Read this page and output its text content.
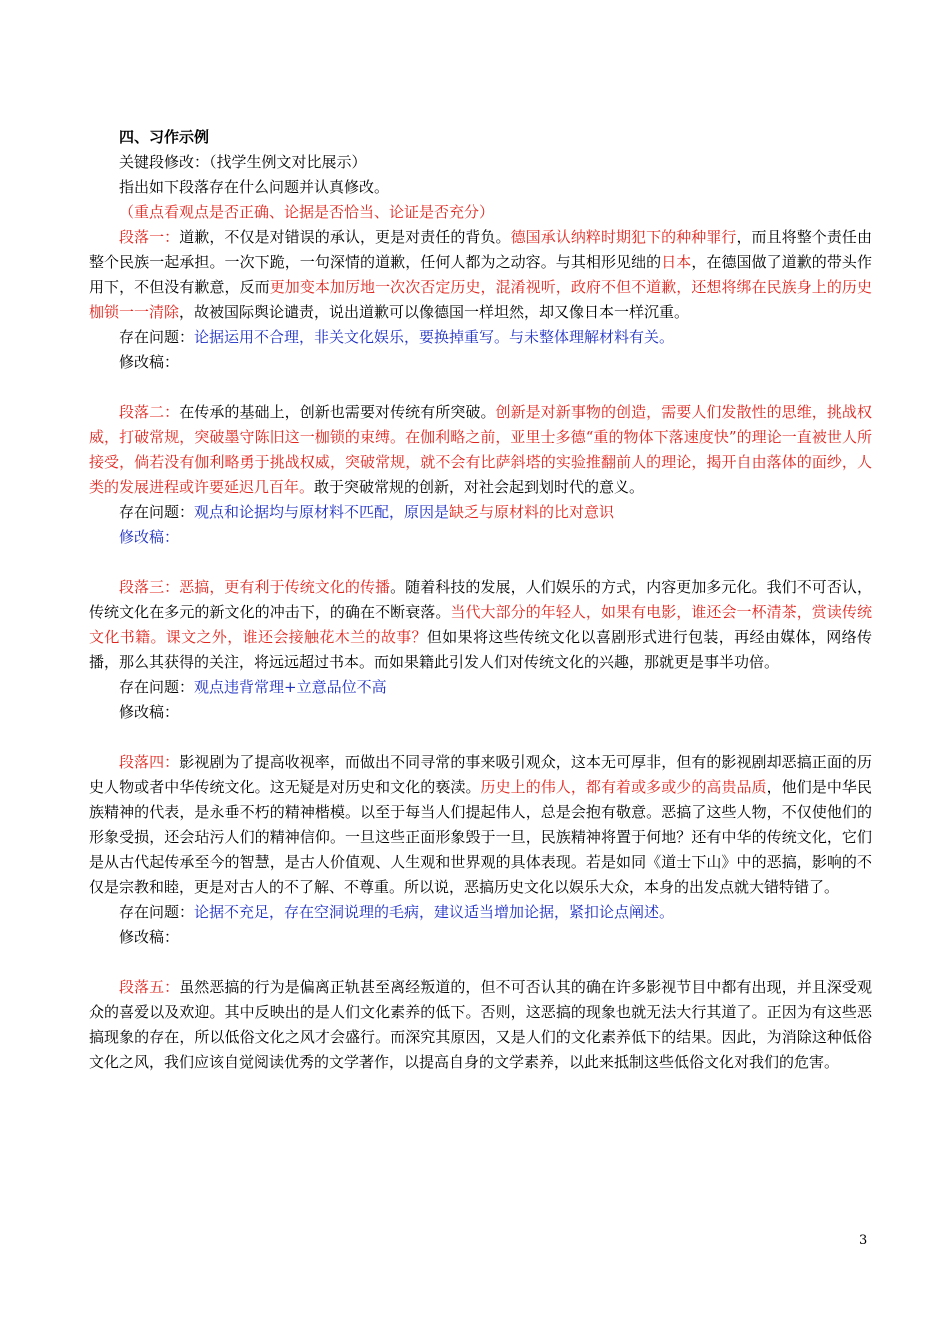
四、习作示例
关键段修改：（找学生例文对比展示）
指出如下段落存在什么问题并认真修改。
（重点看观点是否正确、论据是否恰当、论证是否充分）
段落一：道歉，不仅是对错误的承认，更是对责任的背负。德国承认纳粹时期犯下的种种罪行，而且将整个责任由整个民族一起承担。一次下跪，一句深情的道歉，任何人都为之动容。与其相形见绌的日本，在德国做了道歉的带头作用下，不但没有歉意，反而更加变本加厉地一次次否定历史，混淆视听，政府不但不道歉，还想将绑在民族身上的历史枷锁一一清除，故被国际舆论谴责，说出道歉可以像德国一样坦然，却又像日本一样沉重。
存在问题：论据运用不合理，非关文化娱乐，要换掉重写。与未整体理解材料有关。
修改稿：
段落二：在传承的基础上，创新也需要对传统有所突破。创新是对新事物的创造，需要人们发散性的思维，挑战权威，打破常规，突破墨守陈旧这一枷锁的束缚。在伽利略之前，亚里士多德“重的物体下落速度快”的理论一直被世人所接受，倘若没有伽利略勇于挑战权威，突破常规，就不会有比萨斜塔的实验推翻前人的理论，揭开自由落体的面纱，人类的发展进程或许要延迟几百年。敢于突破常规的创新，对社会起到划时代的意义。
存在问题：观点和论据均与原材料不匹配，原因是缺乏与原材料的比对意识
修改稿：
段落三：恶搞，更有利于传统文化的传播。随着科技的发展，人们娱乐的方式，内容更加多元化。我们不可否认，传统文化在多元的新文化的冲击下，的确在不断衰落。当代大部分的年轻人，如果有电影，谁还会一杯清茶，赏读传统文化书籍。课文之外，谁还会接触花木兰的故事？但如果将这些传统文化以喜剧形式进行包装，再经由媒体，网络传播，那么其获得的关注，将远远超过书本。而如果籍此引发人们对传统文化的兴趣，那就更是事半功倍。
存在问题：观点违背常理+立意品位不高
修改稿：
段落四：影视剧为了提高收视率，而做出不同寻常的事来吸引观众，这本无可厚非，但有的影视剧却恶搞正面的历史人物或者中华传统文化。这无疑是对历史和文化的亵渎。历史上的伟人，都有着或多或少的高贵品质，他们是中华民族精神的代表，是永垂不朽的精神楷模。以至于每当人们提起伟人，总是会抱有敬意。恶搞了这些人物，不仅使他们的形象受损，还会玷污人们的精神信仰。一旦这些正面形象毁于一旦，民族精神将置于何地？还有中华的传统文化，它们是从古代起传承至今的智慧，是古人价值观、人生观和世界观的具体表现。若是如同《道士下山》中的恶搞，影响的不仅是宗教和睦，更是对古人的不了解、不尊重。所以说，恶搞历史文化以娱乐大众，本身的出发点就大错特错了。
存在问题：论据不充足，存在空洞说理的毛病，建议适当增加论据，紧扣论点阐述。
修改稿：
段落五：虽然恶搞的行为是偏离正轨甚至离经叛道的，但不可否认其的确在许多影视节目中都有出现，并且深受观众的喜爱以及欢迎。其中反映出的是人们文化素养的低下。否则，这恶搞的现象也就无法大行其道了。正因为有这些恶搞现象的存在，所以低俗文化之风才会盛行。而深究其原因，又是人们的文化素养低下的结果。因此，为消除这种低俗文化之风，我们应该自觉阅读优秀的文学著作，以提高自身的文学素养，以此来抵制这些低俗文化对我们的危害。
3
